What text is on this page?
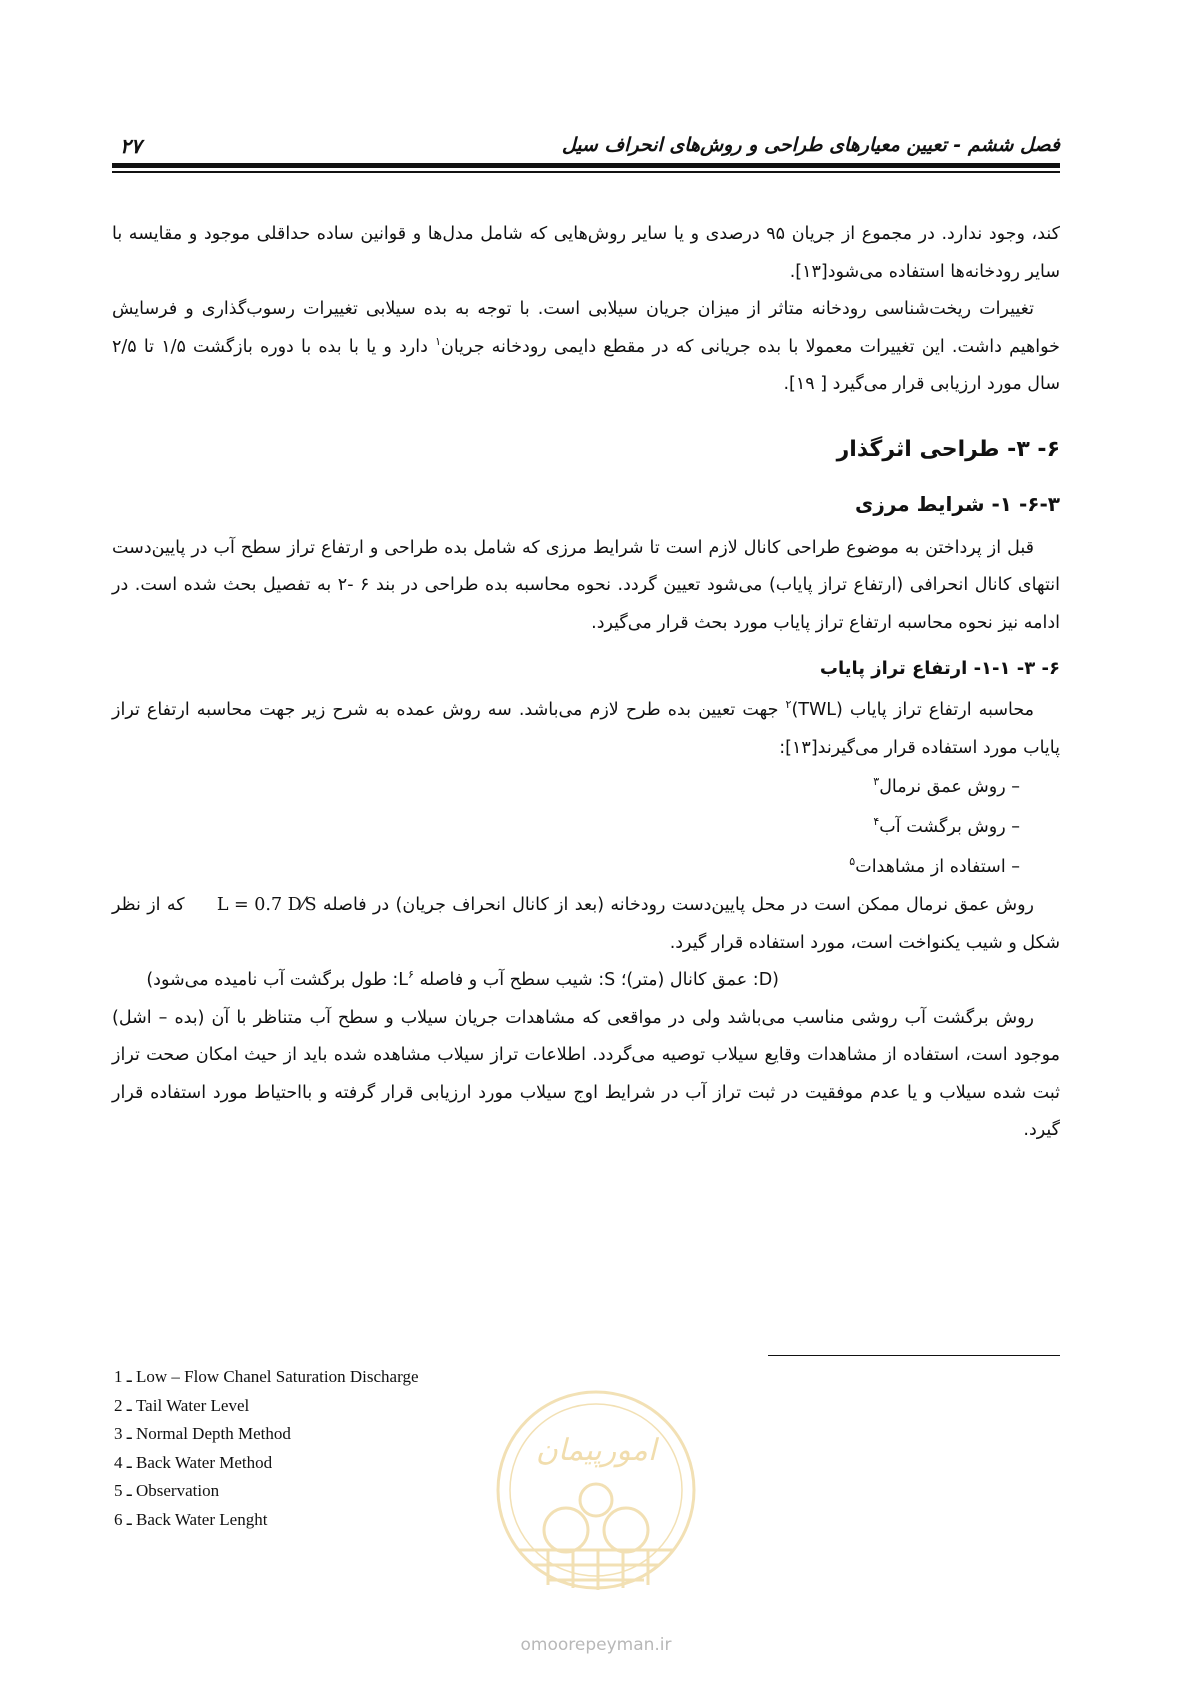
فصل ششم - تعیین معیارهای طراحی و روش‌های انحراف سیل
۲۷

کند، وجود ندارد. در مجموع از جریان ۹۵ درصدی و یا سایر روش‌هایی که شامل مدل‌ها و قوانین ساده حداقلی موجود و مقایسه با سایر رودخانه‌ها استفاده می‌شود[۱۳].

تغییرات ریخت‌شناسی رودخانه متاثر از میزان جریان سیلابی است. با توجه به بده سیلابی تغییرات رسوب‌گذاری و فرسایش خواهیم داشت. این تغییرات معمولا با بده جریانی که در مقطع دایمی رودخانه جریان$^۱$ دارد و یا با بده با دوره بازگشت ۱/۵ تا ۲/۵ سال مورد ارزیابی قرار می‌گیرد [ ۱۹].

۶- ۳- طراحی اثرگذار
۶-۳- ۱- شرایط مرزی

قبل از پرداختن به موضوع طراحی کانال لازم است تا شرایط مرزی که شامل بده طراحی و ارتفاع تراز سطح آب در پایین‌دست انتهای کانال انحرافی (ارتفاع تراز پایاب) می‌شود تعیین گردد. نحوه محاسبه بده طراحی در بند ۶ -۲ به تفصیل بحث شده است. در ادامه نیز نحوه محاسبه ارتفاع تراز پایاب مورد بحث قرار می‌گیرد.

۶- ۳- ۱-۱- ارتفاع تراز پایاب

محاسبه ارتفاع تراز پایاب (TWL)$^۲$ جهت تعیین بده طرح لازم می‌باشد. سه روش عمده به شرح زیر جهت محاسبه ارتفاع تراز پایاب مورد استفاده قرار می‌گیرند[۱۳]:

– روش عمق نرمال$^۳$
– روش برگشت آب$^۴$
– استفاده از مشاهدات$^۵$

روش عمق نرمال ممکن است در محل پایین‌دست رودخانه (بعد از کانال انحراف جریان) در فاصله L = 0.7 D⁄S که از نظر شکل و شیب یکنواخت است، مورد استفاده قرار گیرد.

(D: عمق کانال (متر)؛ S: شیب سطح آب و فاصله $L^۶$: طول برگشت آب نامیده می‌شود)

روش برگشت آب روشی مناسب می‌باشد ولی در مواقعی که مشاهدات جریان سیلاب و سطح آب متناظر با آن (بده – اشل) موجود است، استفاده از مشاهدات وقایع سیلاب توصیه می‌گردد. اطلاعات تراز سیلاب مشاهده شده باید از حیث امکان صحت تراز ثبت شده سیلاب و یا عدم موفقیت در ثبت تراز آب در شرایط اوج سیلاب مورد ارزیابی قرار گرفته و بااحتیاط مورد استفاده قرار گیرد.

1 ـ Low – Flow Chanel Saturation Discharge
2 ـ Tail Water Level
3 ـ Normal Depth Method
4 ـ Back Water Method
5 ـ Observation
6 ـ Back Water Lenght
امورپیمان
omoorepeyman.ir
